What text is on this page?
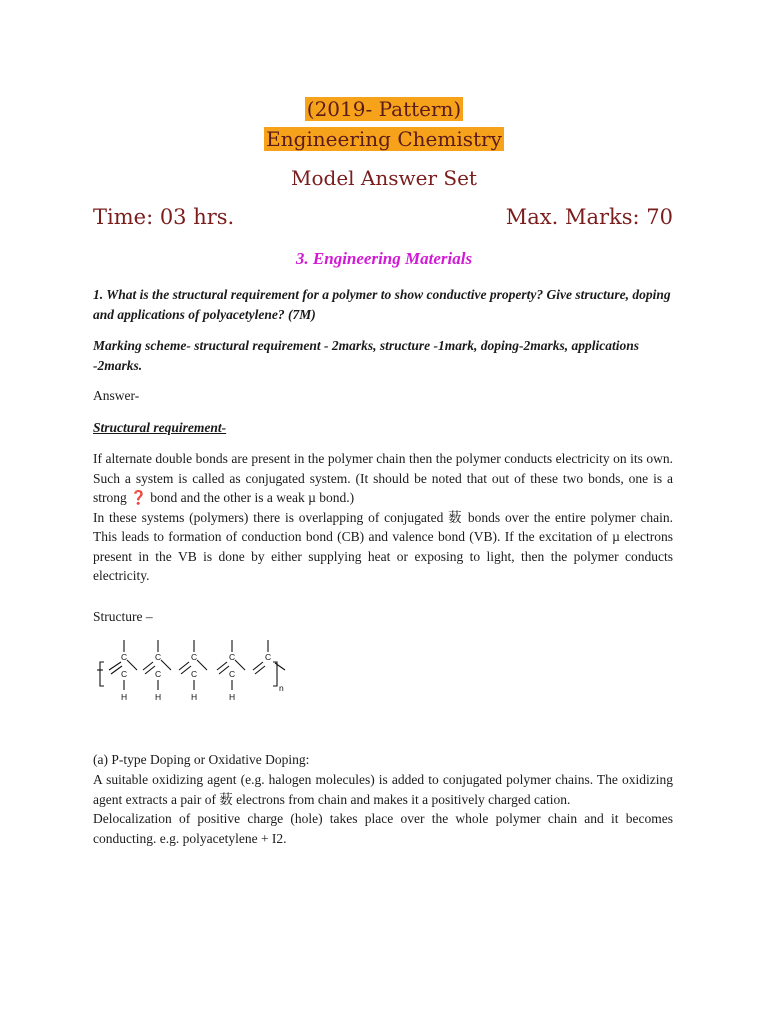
(2019- Pattern)
Engineering Chemistry
Model Answer Set
Time: 03 hrs.	Max. Marks: 70
3. Engineering Materials
1. What is the structural requirement for a polymer to show conductive property? Give structure, doping and applications of polyacetylene? (7M)
Marking scheme- structural requirement - 2marks, structure -1mark, doping-2marks, applications -2marks.
Answer-
Structural requirement-

If alternate double bonds are present in the polymer chain then the polymer conducts electricity on its own. Such a system is called as conjugated system. (It should be noted that out of these two bonds, one is a strong ❓ bond and the other is a weak µ bond.)

In these systems (polymers) there is overlapping of conjugated 薮 bonds over the entire polymer chain. This leads to formation of conduction bond (CB) and valence bond (VB). If the excitation of µ electrons present in the VB is done by either supplying heat or exposing to light, then the polymer conducts electricity.

Structure –
C
C
C
C
C
C
C
C
C
H	H	H	H
n
(a) P-type Doping or Oxidative Doping:

A suitable oxidizing agent (e.g. halogen molecules) is added to conjugated polymer chains. The oxidizing agent extracts a pair of 薮 electrons from chain and makes it a positively charged cation.

Delocalization of positive charge (hole) takes place over the whole polymer chain and it becomes conducting. e.g. polyacetylene + I2.
